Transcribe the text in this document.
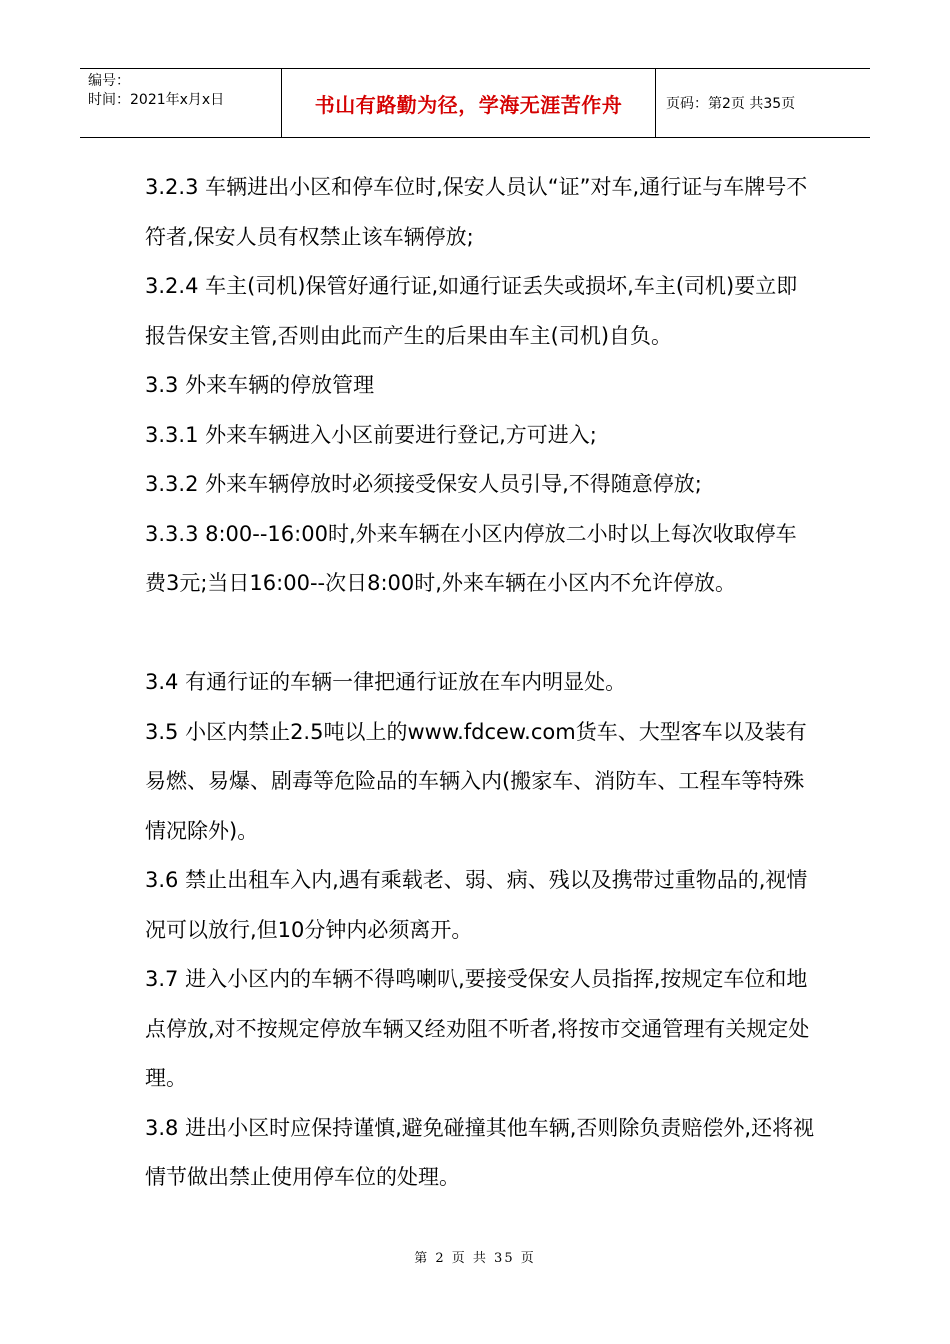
编号：
时间：2021年x月x日	书山有路勤为径，学海无涯苦作舟	页码：第2页 共35页

3.2.3 车辆进出小区和停车位时,保安人员认“证”对车,通行证与车牌号不符者,保安人员有权禁止该车辆停放;

3.2.4 车主(司机)保管好通行证,如通行证丢失或损坏,车主(司机)要立即报告保安主管,否则由此而产生的后果由车主(司机)自负。

3.3 外来车辆的停放管理

3.3.1 外来车辆进入小区前要进行登记,方可进入;

3.3.2 外来车辆停放时必须接受保安人员引导,不得随意停放;

3.3.3 8:00--16:00时,外来车辆在小区内停放二小时以上每次收取停车费3元;当日16:00--次日8:00时,外来车辆在小区内不允许停放。

3.4 有通行证的车辆一律把通行证放在车内明显处。

3.5 小区内禁止2.5吨以上的www.fdcew.com货车、大型客车以及装有易燃、易爆、剧毒等危险品的车辆入内(搬家车、消防车、工程车等特殊情况除外)。

3.6 禁止出租车入内,遇有乘载老、弱、病、残以及携带过重物品的,视情况可以放行,但10分钟内必须离开。

3.7 进入小区内的车辆不得鸣喇叭,要接受保安人员指挥,按规定车位和地点停放,对不按规定停放车辆又经劝阻不听者,将按市交通管理有关规定处理。

3.8 进出小区时应保持谨慎,避免碰撞其他车辆,否则除负责赔偿外,还将视情节做出禁止使用停车位的处理。

第 2 页 共 35 页
